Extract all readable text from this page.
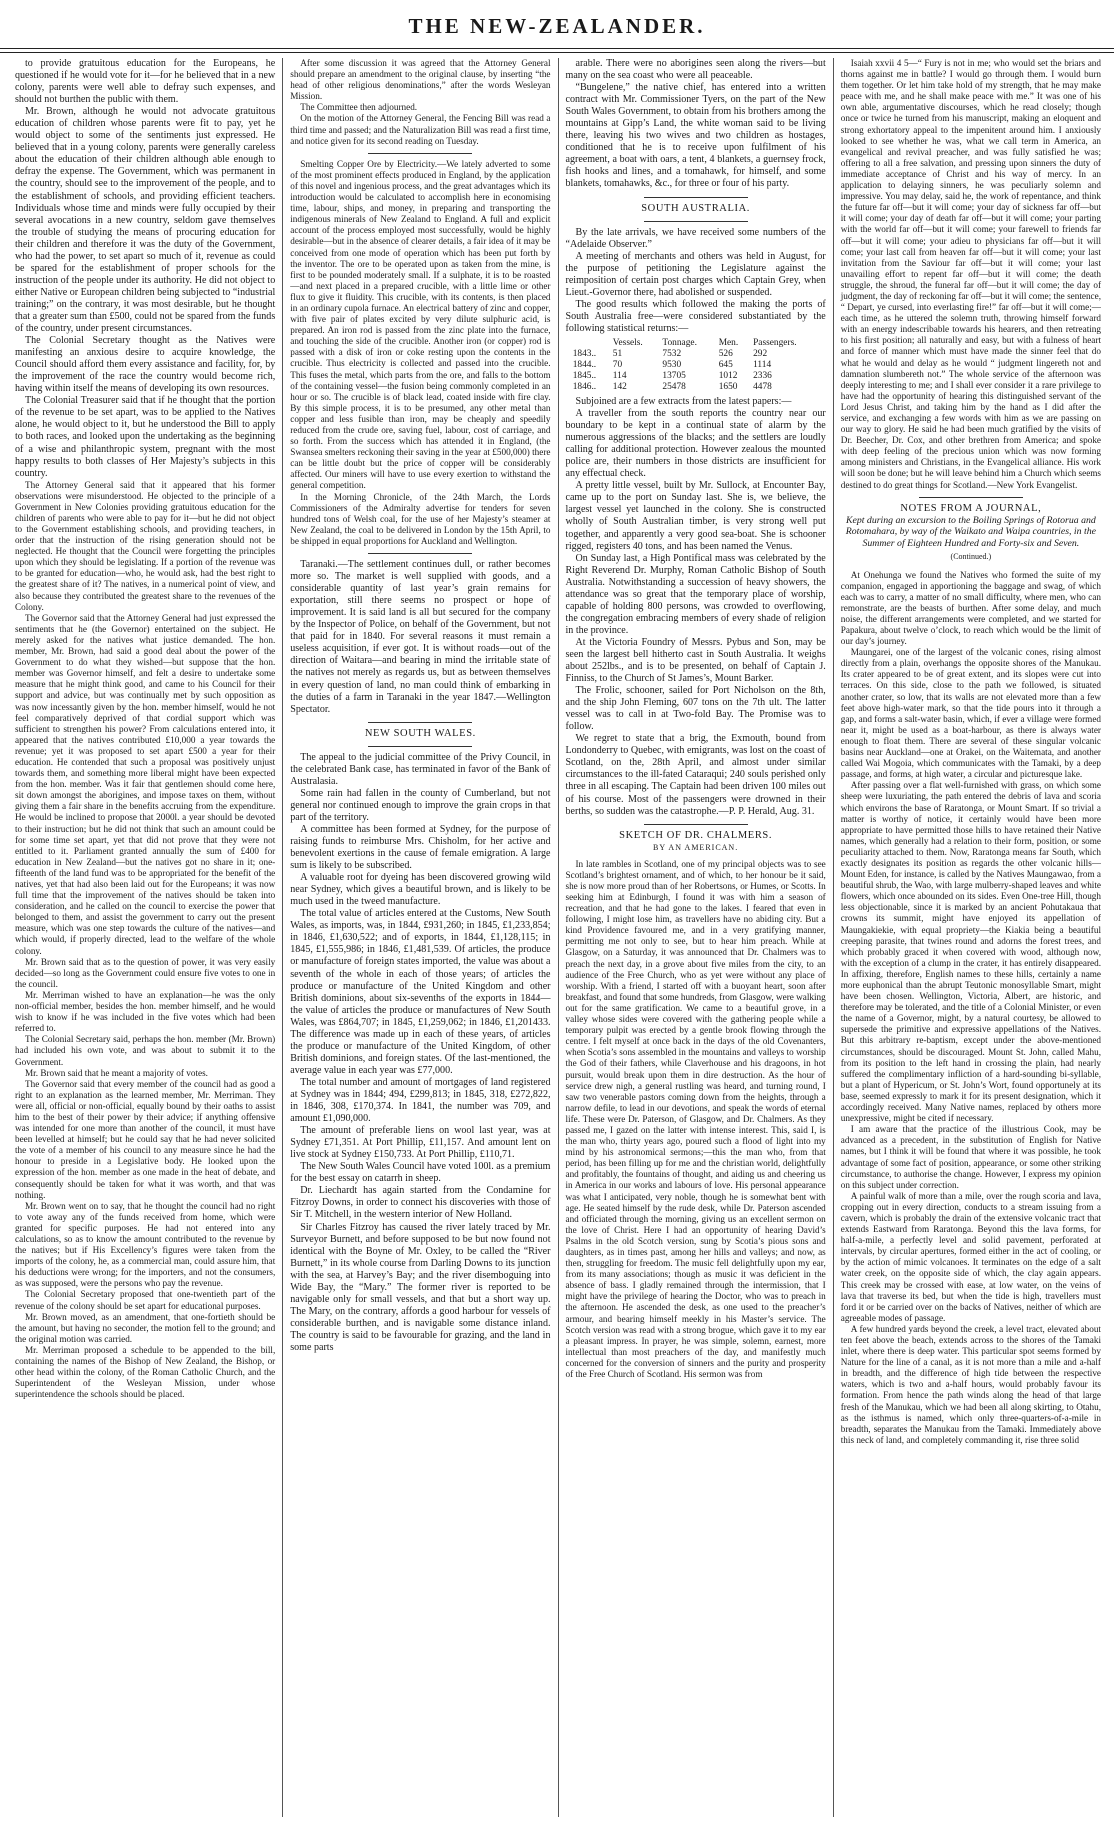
THE NEW-ZEALANDER.

to provide gratuitous education for the Europeans, he questioned if he would vote for it—for he believed that in a new colony, parents were well able to defray such expenses, and should not burthen the public with them.

Mr. Brown, although he would not advocate gratuitous education of children whose parents were fit to pay, yet he would object to some of the sentiments just expressed. He believed that in a young colony, parents were generally careless about the education of their children although able enough to defray the expense. The Government, which was permanent in the country, should see to the improvement of the people, and to the establishment of schools, and providing efficient teachers. Individuals whose time and minds were fully occupied by their several avocations in a new country, seldom gave themselves the trouble of studying the means of procuring education for their children and therefore it was the duty of the Government, who had the power, to set apart so much of it, revenue as could be spared for the establishment of proper schools for the instruction of the people under its authority. He did not object to either Native or European children being subjected to “industrial training;” on the contrary, it was most desirable, but he thought that a greater sum than £500, could not be spared from the funds of the country, under present circumstances.

The Colonial Secretary thought as the Natives were manifesting an anxious desire to acquire knowledge, the Council should afford them every assistance and facility, for, by the improvement of the race the country would become rich, having within itself the means of developing its own resources.

The Colonial Treasurer said that if he thought that the portion of the revenue to be set apart, was to be applied to the Natives alone, he would object to it, but he understood the Bill to apply to both races, and looked upon the undertaking as the beginning of a wise and philanthropic system, pregnant with the most happy results to both classes of Her Majesty’s subjects in this country.

The Attorney General said that it appeared that his former observations were misunderstood. He objected to the principle of a Government in New Colonies providing gratuitous education for the children of parents who were able to pay for it—but he did not object to the Government establishing schools, and providing teachers, in order that the instruction of the rising generation should not be neglected. He thought that the Council were forgetting the principles upon which they should be legislating. If a portion of the revenue was to be granted for education—who, he would ask, had the best right to the greatest share of it? The natives, in a numerical point of view, and also because they contributed the greatest share to the revenues of the Colony.

The Governor said that the Attorney General had just expressed the sentiments that he (the Governor) entertained on the subject. He merely asked for the natives what justice demanded. The hon. member, Mr. Brown, had said a good deal about the power of the Government to do what they wished—but suppose that the hon. member was Governor himself, and felt a desire to undertake some measure that he might think good, and came to his Council for their support and advice, but was continually met by such opposition as was now incessantly given by the hon. member himself, would he not feel comparatively deprived of that cordial support which was sufficient to strengthen his power? From calculations entered into, it appeared that the natives contributed £10,000 a year towards the revenue; yet it was proposed to set apart £500 a year for their education. He contended that such a proposal was positively unjust towards them, and something more liberal might have been expected from the hon. member. Was it fair that gentlemen should come here, sit down amongst the aborigines, and impose taxes on them, without giving them a fair share in the benefits accruing from the expenditure. He would be inclined to propose that 2000l. a year should be devoted to their instruction; but he did not think that such an amount could be for some time set apart, yet that did not prove that they were not entitled to it. Parliament granted annually the sum of £400 for education in New Zealand—but the natives got no share in it; one-fifteenth of the land fund was to be appropriated for the benefit of the natives, yet that had also been laid out for the Europeans; it was now full time that the improvement of the natives should be taken into consideration, and he called on the council to exercise the power that belonged to them, and assist the government to carry out the present measure, which was one step towards the culture of the natives—and which would, if properly directed, lead to the welfare of the whole colony.

Mr. Brown said that as to the question of power, it was very easily decided—so long as the Government could ensure five votes to one in the council.

Mr. Merriman wished to have an explanation—he was the only non-official member, besides the hon. member himself, and he would wish to know if he was included in the five votes which had been referred to.

The Colonial Secretary said, perhaps the hon. member (Mr. Brown) had included his own vote, and was about to submit it to the Government.

Mr. Brown said that he meant a majority of votes.

The Governor said that every member of the council had as good a right to an explanation as the learned member, Mr. Merriman. They were all, official or non-official, equally bound by their oaths to assist him to the best of their power by their advice; if anything offensive was intended for one more than another of the council, it must have been levelled at himself; but he could say that he had never solicited the vote of a member of his council to any measure since he had the honour to preside in a Legislative body. He looked upon the expression of the hon. member as one made in the heat of debate, and consequently should be taken for what it was worth, and that was nothing.

Mr. Brown went on to say, that he thought the council had no right to vote away any of the funds received from home, which were granted for specific purposes. He had not entered into any calculations, so as to know the amount contributed to the revenue by the natives; but if His Excellency’s figures were taken from the imports of the colony, he, as a commercial man, could assure him, that his deductions were wrong; for the importers, and not the consumers, as was supposed, were the persons who pay the revenue.

The Colonial Secretary proposed that one-twentieth part of the revenue of the colony should be set apart for educational purposes.

Mr. Brown moved, as an amendment, that one-fortieth should be the amount, but having no seconder, the motion fell to the ground; and the original motion was carried.

Mr. Merriman proposed a schedule to be appended to the bill, containing the names of the Bishop of New Zealand, the Bishop, or other head within the colony, of the Roman Catholic Church, and the Superintendent of the Wesleyan Mission, under whose superintendence the schools should be placed.

After some discussion it was agreed that the Attorney General should prepare an amendment to the original clause, by inserting “the head of other religious denominations,” after the words Wesleyan Mission.

The Committee then adjourned.

On the motion of the Attorney General, the Fencing Bill was read a third time and passed; and the Naturalization Bill was read a first time, and notice given for its second reading on Tuesday.

Smelting Copper Ore by Electricity.—We lately adverted to some of the most prominent effects produced in England, by the application of this novel and ingenious process, and the great advantages which its introduction would be calculated to accomplish here in economising time, labour, ships, and money, in preparing and transporting the indigenous minerals of New Zealand to England. A full and explicit account of the process employed most successfully, would be highly desirable—but in the absence of clearer details, a fair idea of it may be conceived from one mode of operation which has been put forth by the inventor. The ore to be operated upon as taken from the mine, is first to be pounded moderately small. If a sulphate, it is to be roasted—and next placed in a prepared crucible, with a little lime or other flux to give it fluidity. This crucible, with its contents, is then placed in an ordinary cupola furnace. An electrical battery of zinc and copper, with five pair of plates excited by very dilute sulphuric acid, is prepared. An iron rod is passed from the zinc plate into the furnace, and touching the side of the crucible. Another iron (or copper) rod is passed with a disk of iron or coke resting upon the contents in the crucible. Thus electricity is collected and passed into the crucible. This fuses the metal, which parts from the ore, and falls to the bottom of the containing vessel—the fusion being commonly completed in an hour or so. The crucible is of black lead, coated inside with fire clay. By this simple process, it is to be presumed, any other metal than copper and less fusible than iron, may be cheaply and speedily reduced from the crude ore, saving fuel, labour, cost of carriage, and so forth. From the success which has attended it in England, (the Swansea smelters reckoning their saving in the year at £500,000) there can be little doubt but the price of copper will be considerably affected. Our miners will have to use every exertion to withstand the general competition.

In the Morning Chronicle, of the 24th March, the Lords Commissioners of the Admiralty advertise for tenders for seven hundred tons of Welsh coal, for the use of her Majesty’s steamer at New Zealand, the coal to be delivered in London by the 15th April, to be shipped in equal proportions for Auckland and Wellington.

Taranaki.—The settlement continues dull, or rather becomes more so. The market is well supplied with goods, and a considerable quantity of last year’s grain remains for exportation, still there seems no prospect or hope of improvement. It is said land is all but secured for the company by the Inspector of Police, on behalf of the Government, but not that paid for in 1840. For several reasons it must remain a useless acquisition, if ever got. It is without roads—out of the direction of Waitara—and bearing in mind the irritable state of the natives not merely as regards us, but as between themselves in every question of land, no man could think of embarking in the duties of a farm in Taranaki in the year 1847.—Wellington Spectator.

NEW SOUTH WALES.

The appeal to the judicial committee of the Privy Council, in the celebrated Bank case, has terminated in favor of the Bank of Australasia.

Some rain had fallen in the county of Cumberland, but not general nor continued enough to improve the grain crops in that part of the territory.

A committee has been formed at Sydney, for the purpose of raising funds to reimburse Mrs. Chisholm, for her active and benevolent exertions in the cause of female emigration. A large sum is likely to be subscribed.

A valuable root for dyeing has been discovered growing wild near Sydney, which gives a beautiful brown, and is likely to be much used in the tweed manufacture.

The total value of articles entered at the Customs, New South Wales, as imports, was, in 1844, £931,260; in 1845, £1,233,854; in 1846, £1,630,522; and of exports, in 1844, £1,128,115; in 1845, £1,555,986; in 1846, £1,481,539. Of articles, the produce or manufacture of foreign states imported, the value was about a seventh of the whole in each of those years; of articles the produce or manufacture of the United Kingdom and other British dominions, about six-sevenths of the exports in 1844—the value of articles the produce or manufactures of New South Wales, was £864,707; in 1845, £1,259,062; in 1846, £1,201433. The difference was made up in each of these years, of articles the produce or manufacture of the United Kingdom, of other British dominions, and foreign states. Of the last-mentioned, the average value in each year was £77,000.

The total number and amount of mortgages of land registered at Sydney was in 1844; 494, £299,813; in 1845, 318, £272,822, in 1846, 308, £170,374. In 1841, the number was 709, and amount £1,090,000.

The amount of preferable liens on wool last year, was at Sydney £71,351. At Port Phillip, £11,157. And amount lent on live stock at Sydney £150,733. At Port Phillip, £110,71.

The New South Wales Council have voted 100l. as a premium for the best essay on catarrh in sheep.

Dr. Liechardt has again started from the Condamine for Fitzroy Downs, in order to connect his discoveries with those of Sir T. Mitchell, in the western interior of New Holland.

Sir Charles Fitzroy has caused the river lately traced by Mr. Surveyor Burnett, and before supposed to be but now found not identical with the Boyne of Mr. Oxley, to be called the “River Burnett,” in its whole course from Darling Downs to its junction with the sea, at Harvey’s Bay; and the river disemboguing into Wide Bay, the “Mary.” The former river is reported to be navigable only for small vessels, and that but a short way up. The Mary, on the contrary, affords a good harbour for vessels of considerable burthen, and is navigable some distance inland. The country is said to be favourable for grazing, and the land in some parts

arable. There were no aborigines seen along the rivers—but many on the sea coast who were all peaceable.

“Bungelene,” the native chief, has entered into a written contract with Mr. Commissioner Tyers, on the part of the New South Wales Government, to obtain from his brothers among the mountains at Gipp’s Land, the white woman said to be living there, leaving his two wives and two children as hostages, conditioned that he is to receive upon fulfilment of his agreement, a boat with oars, a tent, 4 blankets, a guernsey frock, fish hooks and lines, and a tomahawk, for himself, and some blankets, tomahawks, &c., for three or four of his party.

SOUTH AUSTRALIA.

By the late arrivals, we have received some numbers of the “Adelaide Observer.”

A meeting of merchants and others was held in August, for the purpose of petitioning the Legislature against the reimposition of certain post charges which Captain Grey, when Lieut.-Governor there, had abolished or suspended.

The good results which followed the making the ports of South Australia free—were considered substantiated by the following statistical returns:—

	Vessels.	Tonnage.	Men.	Passengers.
1843..	51	7532	526	292
1844..	70	9530	645	1114
1845..	114	13705	1012	2336
1846..	142	25478	1650	4478

Subjoined are a few extracts from the latest papers:—

A traveller from the south reports the country near our boundary to be kept in a continual state of alarm by the numerous aggressions of the blacks; and the settlers are loudly calling for additional protection. However zealous the mounted police are, their numbers in those districts are insufficient for any effectual check.

A pretty little vessel, built by Mr. Sullock, at Encounter Bay, came up to the port on Sunday last. She is, we believe, the largest vessel yet launched in the colony. She is constructed wholly of South Australian timber, is very strong well put together, and apparently a very good sea-boat. She is schooner rigged, registers 40 tons, and has been named the Venus.

On Sunday last, a High Pontifical mass was celebrated by the Right Reverend Dr. Murphy, Roman Catholic Bishop of South Australia. Notwithstanding a succession of heavy showers, the attendance was so great that the temporary place of worship, capable of holding 800 persons, was crowded to overflowing, the congregation embracing members of every shade of religion in the province.

At the Victoria Foundry of Messrs. Pybus and Son, may be seen the largest bell hitherto cast in South Australia. It weighs about 252lbs., and is to be presented, on behalf of Captain J. Finniss, to the Church of St James’s, Mount Barker.

The Frolic, schooner, sailed for Port Nicholson on the 8th, and the ship John Fleming, 607 tons on the 7th ult. The latter vessel was to call in at Two-fold Bay. The Promise was to follow.

We regret to state that a brig, the Exmouth, bound from Londonderry to Quebec, with emigrants, was lost on the coast of Scotland, on the, 28th April, and almost under similar circumstances to the ill-fated Cataraqui; 240 souls perished only three in all escaping. The Captain had been driven 100 miles out of his course. Most of the passengers were drowned in their berths, so sudden was the catastrophe.—P. P. Herald, Aug. 31.

SKETCH OF DR. CHALMERS.

BY AN AMERICAN.

In late rambles in Scotland, one of my principal objects was to see Scotland’s brightest ornament, and of which, to her honour be it said, she is now more proud than of her Robertsons, or Humes, or Scotts. In seeking him at Edinburgh, I found it was with him a season of recreation, and that he had gone to the lakes. I feared that even in following, I might lose him, as travellers have no abiding city. But a kind Providence favoured me, and in a very gratifying manner, permitting me not only to see, but to hear him preach. While at Glasgow, on a Saturday, it was announced that Dr. Chalmers was to preach the next day, in a grove about five miles from the city, to an audience of the Free Church, who as yet were without any place of worship. With a friend, I started off with a buoyant heart, soon after breakfast, and found that some hundreds, from Glasgow, were walking out for the same gratification. We came to a beautiful grove, in a valley whose sides were covered with the gathering people while a temporary pulpit was erected by a gentle brook flowing through the centre. I felt myself at once back in the days of the old Covenanters, when Scotia’s sons assembled in the mountains and valleys to worship the God of their fathers, while Claverhouse and his dragoons, in hot pursuit, would break upon them in dire destruction. As the hour of service drew nigh, a general rustling was heard, and turning round, I saw two venerable pastors coming down from the heights, through a narrow defile, to lead in our devotions, and speak the words of eternal life. These were Dr. Paterson, of Glasgow, and Dr. Chalmers. As they passed me, I gazed on the latter with intense interest. This, said I, is the man who, thirty years ago, poured such a flood of light into my mind by his astronomical sermons;—this the man who, from that period, has been filling up for me and the christian world, delightfully and profitably, the fountains of thought, and aiding us and cheering us in America in our works and labours of love. His personal appearance was what I anticipated, very noble, though he is somewhat bent with age. He seated himself by the rude desk, while Dr. Paterson ascended and officiated through the morning, giving us an excellent sermon on the love of Christ. Here I had an opportunity of hearing David’s Psalms in the old Scotch version, sung by Scotia’s pious sons and daughters, as in times past, among her hills and valleys; and now, as then, struggling for freedom. The music fell delightfully upon my ear, from its many associations; though as music it was deficient in the absence of bass. I gladly remained through the intermission, that I might have the privilege of hearing the Doctor, who was to preach in the afternoon. He ascended the desk, as one used to the preacher’s armour, and bearing himself meekly in his Master’s service. The Scotch version was read with a strong brogue, which gave it to my ear a pleasant impress. In prayer, he was simple, solemn, earnest, more intellectual than most preachers of the day, and manifestly much concerned for the conversion of sinners and the purity and prosperity of the Free Church of Scotland. His sermon was from

Isaiah xxvii 4 5—“ Fury is not in me; who would set the briars and thorns against me in battle? I would go through them. I would burn them together. Or let him take hold of my strength, that he may make peace with me, and he shall make peace with me.” It was one of his own able, argumentative discourses, which he read closely; though once or twice he turned from his manuscript, making an eloquent and strong exhortatory appeal to the impenitent around him. I anxiously looked to see whether he was, what we call term in America, an evangelical and revival preacher, and was fully satisfied he was; offering to all a free salvation, and pressing upon sinners the duty of immediate acceptance of Christ and his way of mercy. In an application to delaying sinners, he was peculiarly solemn and impressive. You may delay, said he, the work of repentance, and think the future far off—but it will come; your day of sickness far off—but it will come; your day of death far off—but it will come; your parting with the world far off—but it will come; your farewell to friends far off—but it will come; your adieu to physicians far off—but it will come; your last call from heaven far off—but it will come; your last invitation from the Saviour far off—but it will come; your last unavailing effort to repent far off—but it will come; the death struggle, the shroud, the funeral far off—but it will come; the day of judgment, the day of reckoning far off—but it will come; the sentence, “ Depart, ye cursed, into everlasting fire!” far off—but it will come;—each time, as he uttered the solemn truth, throwing himself forward with an energy indescribable towards his hearers, and then retreating to his first position; all naturally and easy, but with a fulness of heart and force of manner which must have made the sinner feel that do what he would and delay as he would “ judgment lingereth not and damnation slumbereth not.” The whole service of the afternoon was deeply interesting to me; and I shall ever consider it a rare privilege to have had the opportunity of hearing this distinguished servant of the Lord Jesus Christ, and taking him by the hand as I did after the service, and exchanging a few words with him as we are passing on our way to glory. He said he had been much gratified by the visits of Dr. Beecher, Dr. Cox, and other brethren from America; and spoke with deep feeling of the precious union which was now forming among ministers and Christians, in the Evangelical alliance. His work will soon be done; but he will leave behind him a Church which seems destined to do great things for Scotland.—New York Evangelist.

NOTES FROM A JOURNAL,

Kept during an excursion to the Boiling Springs of Rotorua and Rotomahara, by way of the Waikato and Waipa countries, in the Summer of Eighteen Hundred and Forty-six and Seven.

(Continued.)

At Onehunga we found the Natives who formed the suite of my companion, engaged in apportioning the baggage and swag, of which each was to carry, a matter of no small difficulty, where men, who can remonstrate, are the beasts of burthen. After some delay, and much noise, the different arrangements were completed, and we started for Papakura, about twelve o’clock, to reach which would be the limit of our day’s journey.

Maungarei, one of the largest of the volcanic cones, rising almost directly from a plain, overhangs the opposite shores of the Manukau. Its crater appeared to be of great extent, and its slopes were cut into terraces. On this side, close to the path we followed, is situated another crater, so low, that its walls are not elevated more than a few feet above high-water mark, so that the tide pours into it through a gap, and forms a salt-water basin, which, if ever a village were formed near it, might be used as a boat-harbour, as there is always water enough to float them. There are several of these singular volcanic basins near Auckland—one at Orakei, on the Waitemata, and another called Wai Mogoia, which communicates with the Tamaki, by a deep passage, and forms, at high water, a circular and picturesque lake.

After passing over a flat well-furnished with grass, on which some sheep were luxuriating, the path entered the debris of lava and scoria which environs the base of Raratonga, or Mount Smart. If so trivial a matter is worthy of notice, it certainly would have been more appropriate to have permitted those hills to have retained their Native names, which generally had a relation to their form, position, or some peculiarity attached to them. Now, Raratonga means far South, which exactly designates its position as regards the other volcanic hills—Mount Eden, for instance, is called by the Natives Maungawao, from a beautiful shrub, the Wao, with large mulberry-shaped leaves and white flowers, which once abounded on its sides. Even One-tree Hill, though less objectionable, since it is marked by an ancient Pohutakaua that crowns its summit, might have enjoyed its appellation of Maungakiekie, with equal propriety—the Kiakia being a beautiful creeping parasite, that twines round and adorns the forest trees, and which probably graced it when covered with wood, although now, with the exception of a clump in the crater, it has entirely disappeared. In affixing, therefore, English names to these hills, certainly a name more euphonical than the abrupt Teutonic monosyllable Smart, might have been chosen. Wellington, Victoria, Albert, are historic, and therefore may be tolerated, and the title of a Colonial Minister, or even the name of a Governor, might, by a natural courtesy, be allowed to supersede the primitive and expressive appellations of the Natives. But this arbitrary re-baptism, except under the above-mentioned circumstances, should be discouraged. Mount St. John, called Mahu, from its position to the left hand in crossing the plain, had nearly suffered the complimentary infliction of a hard-sounding bi-syllable, but a plant of Hypericum, or St. John’s Wort, found opportunely at its base, seemed expressly to mark it for its present designation, which it accordingly received. Many Native names, replaced by others more unexpressive, might be cited if necessary.

I am aware that the practice of the illustrious Cook, may be advanced as a precedent, in the substitution of English for Native names, but I think it will be found that where it was possible, he took advantage of some fact of position, appearance, or some other striking circumstance, to authorise the change. However, I express my opinion on this subject under correction.

A painful walk of more than a mile, over the rough scoria and lava, cropping out in every direction, conducts to a stream issuing from a cavern, which is probably the drain of the extensive volcanic tract that extends Eastward from Raratonga. Beyond this the lava forms, for half-a-mile, a perfectly level and solid pavement, perforated at intervals, by circular apertures, formed either in the act of cooling, or by the action of mimic volcanoes. It terminates on the edge of a salt water creek, on the opposite side of which, the clay again appears. This creek may be crossed with ease, at low water, on the veins of lava that traverse its bed, but when the tide is high, travellers must ford it or be carried over on the backs of Natives, neither of which are agreeable modes of passage.

A few hundred yards beyond the creek, a level tract, elevated about ten feet above the beach, extends across to the shores of the Tamaki inlet, where there is deep water. This particular spot seems formed by Nature for the line of a canal, as it is not more than a mile and a-half in breadth, and the difference of high tide between the respective waters, which is two and a-half hours, would probably favour its formation. From hence the path winds along the head of that large fresh of the Manukau, which we had been all along skirting, to Otahu, as the isthmus is named, which only three-quarters-of-a-mile in breadth, separates the Manukau from the Tamaki. Immediately above this neck of land, and completely commanding it, rise three solid
